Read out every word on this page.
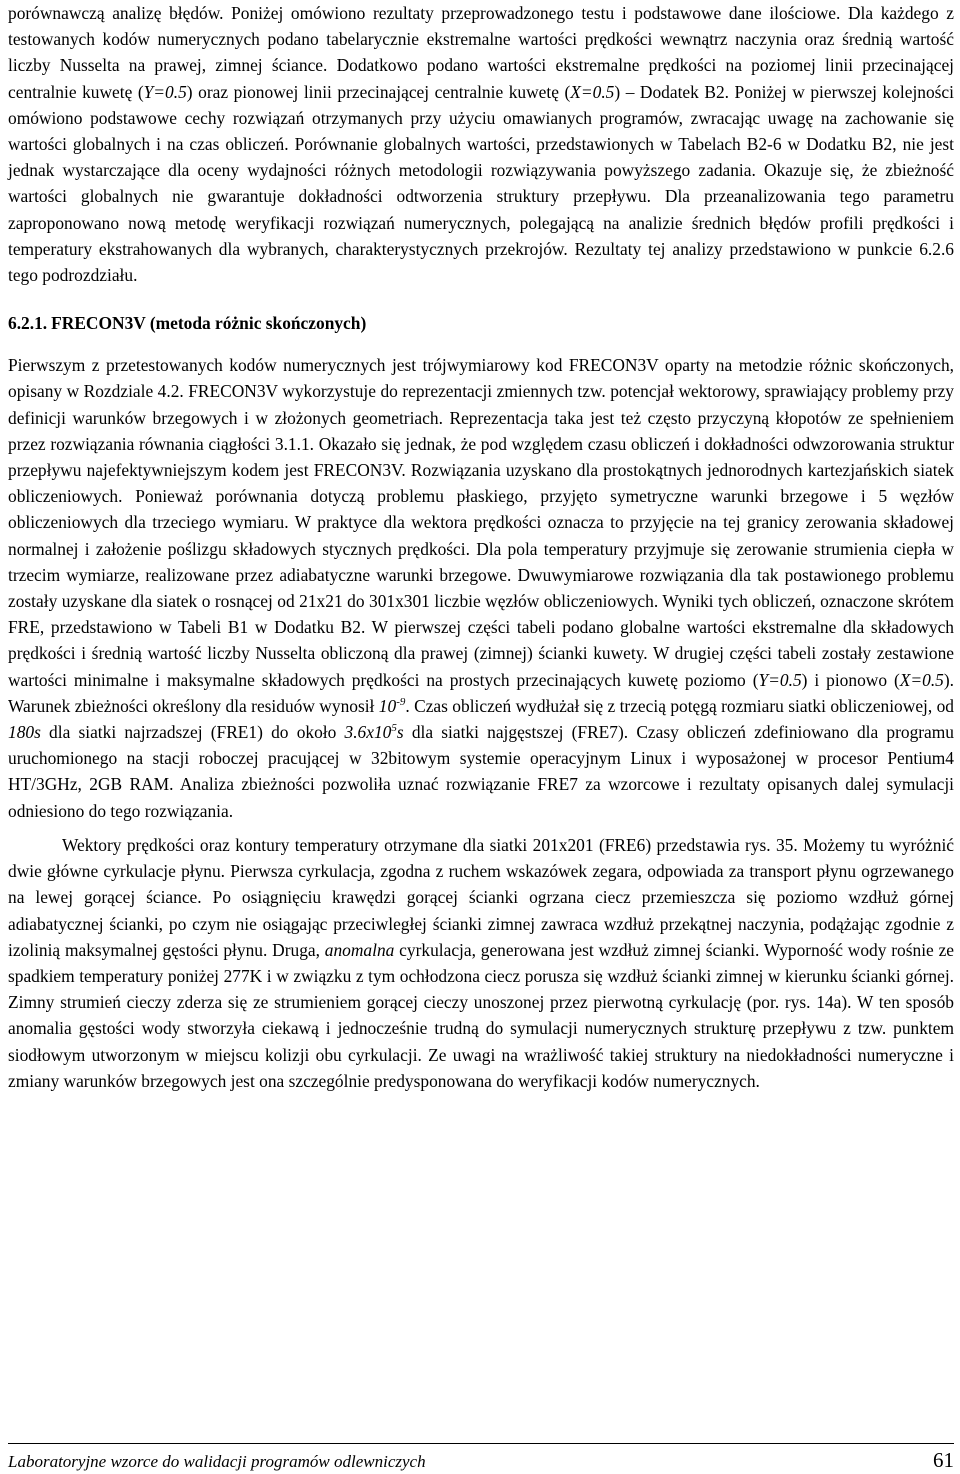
porównawczą analizę błędów. Poniżej omówiono rezultaty przeprowadzonego testu i podstawowe dane ilościowe. Dla każdego z testowanych kodów numerycznych podano tabelarycznie ekstremalne wartości prędkości wewnątrz naczynia oraz średnią wartość liczby Nusselta na prawej, zimnej ściance. Dodatkowo podano wartości ekstremalne prędkości na poziomej linii przecinającej centralnie kuwetę (Y=0.5) oraz pionowej linii przecinającej centralnie kuwetę (X=0.5) – Dodatek B2. Poniżej w pierwszej kolejności omówiono podstawowe cechy rozwiązań otrzymanych przy użyciu omawianych programów, zwracając uwagę na zachowanie się wartości globalnych i na czas obliczeń. Porównanie globalnych wartości, przedstawionych w Tabelach B2-6 w Dodatku B2, nie jest jednak wystarczające dla oceny wydajności różnych metodologii rozwiązywania powyższego zadania. Okazuje się, że zbieżność wartości globalnych nie gwarantuje dokładności odtworzenia struktury przepływu. Dla przeanalizowania tego parametru zaproponowano nową metodę weryfikacji rozwiązań numerycznych, polegającą na analizie średnich błędów profili prędkości i temperatury ekstrahowanych dla wybranych, charakterystycznych przekrojów. Rezultaty tej analizy przedstawiono w punkcie 6.2.6 tego podrozdziału.

6.2.1. FRECON3V (metoda różnic skończonych)

Pierwszym z przetestowanych kodów numerycznych jest trójwymiarowy kod FRECON3V oparty na metodzie różnic skończonych, opisany w Rozdziale 4.2. FRECON3V wykorzystuje do reprezentacji zmiennych tzw. potencjał wektorowy, sprawiający problemy przy definicji warunków brzegowych i w złożonych geometriach. Reprezentacja taka jest też często przyczyną kłopotów ze spełnieniem przez rozwiązania równania ciągłości 3.1.1. Okazało się jednak, że pod względem czasu obliczeń i dokładności odwzorowania struktur przepływu najefektywniejszym kodem jest FRECON3V. Rozwiązania uzyskano dla prostokątnych jednorodnych kartezjańskich siatek obliczeniowych. Ponieważ porównania dotyczą problemu płaskiego, przyjęto symetryczne warunki brzegowe i 5 węzłów obliczeniowych dla trzeciego wymiaru. W praktyce dla wektora prędkości oznacza to przyjęcie na tej granicy zerowania składowej normalnej i założenie poślizgu składowych stycznych prędkości. Dla pola temperatury przyjmuje się zerowanie strumienia ciepła w trzecim wymiarze, realizowane przez adiabatyczne warunki brzegowe. Dwuwymiarowe rozwiązania dla tak postawionego problemu zostały uzyskane dla siatek o rosnącej od 21x21 do 301x301 liczbie węzłów obliczeniowych. Wyniki tych obliczeń, oznaczone skrótem FRE, przedstawiono w Tabeli B1 w Dodatku B2. W pierwszej części tabeli podano globalne wartości ekstremalne dla składowych prędkości i średnią wartość liczby Nusselta obliczoną dla prawej (zimnej) ścianki kuwety. W drugiej części tabeli zostały zestawione wartości minimalne i maksymalne składowych prędkości na prostych przecinających kuwetę poziomo (Y=0.5) i pionowo (X=0.5). Warunek zbieżności określony dla residuów wynosił $10^{-9}$. Czas obliczeń wydłużał się z trzecią potęgą rozmiaru siatki obliczeniowej, od 180s dla siatki najrzadszej (FRE1) do około $3.6x10^5s$ dla siatki najgęstszej (FRE7). Czasy obliczeń zdefiniowano dla programu uruchomionego na stacji roboczej pracującej w 32bitowym systemie operacyjnym Linux i wyposażonej w procesor Pentium4 HT/3GHz, 2GB RAM. Analiza zbieżności pozwoliła uznać rozwiązanie FRE7 za wzorcowe i rezultaty opisanych dalej symulacji odniesiono do tego rozwiązania.

Wektory prędkości oraz kontury temperatury otrzymane dla siatki 201x201 (FRE6) przedstawia rys. 35. Możemy tu wyróżnić dwie główne cyrkulacje płynu. Pierwsza cyrkulacja, zgodna z ruchem wskazówek zegara, odpowiada za transport płynu ogrzewanego na lewej gorącej ściance. Po osiągnięciu krawędzi gorącej ścianki ogrzana ciecz przemieszcza się poziomo wzdłuż górnej adiabatycznej ścianki, po czym nie osiągając przeciwległej ścianki zimnej zawraca wzdłuż przekątnej naczynia, podążając zgodnie z izolinią maksymalnej gęstości płynu. Druga, anomalna cyrkulacja, generowana jest wzdłuż zimnej ścianki. Wyporność wody rośnie ze spadkiem temperatury poniżej 277K i w związku z tym ochłodzona ciecz porusza się wzdłuż ścianki zimnej w kierunku ścianki górnej. Zimny strumień cieczy zderza się ze strumieniem gorącej cieczy unoszonej przez pierwotną cyrkulację (por. rys. 14a). W ten sposób anomalia gęstości wody stworzyła ciekawą i jednocześnie trudną do symulacji numerycznych strukturę przepływu z tzw. punktem siodłowym utworzonym w miejscu kolizji obu cyrkulacji. Ze uwagi na wrażliwość takiej struktury na niedokładności numeryczne i zmiany warunków brzegowych jest ona szczególnie predysponowana do weryfikacji kodów numerycznych.

Laboratoryjne wzorce do walidacji programów odlewniczych	61
